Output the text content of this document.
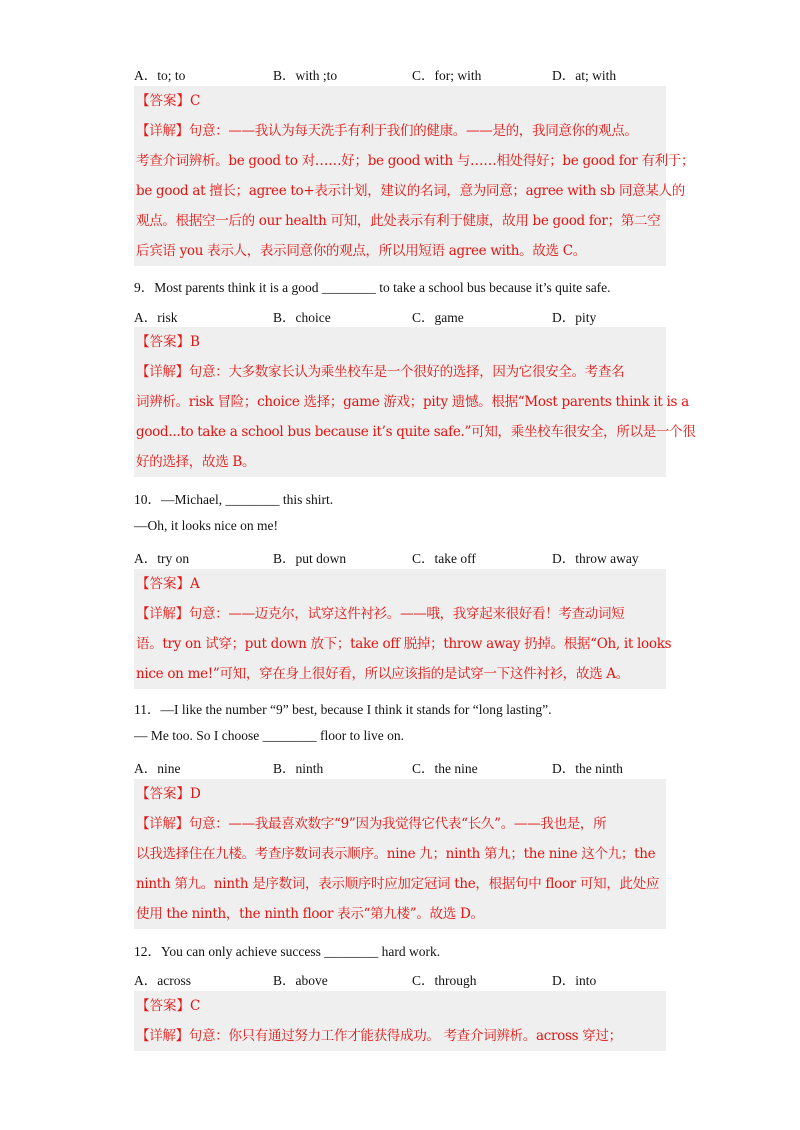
A．to; to	B．with ;to	C．for; with	D．at; with
【答案】C
【详解】句意：——我认为每天洗手有利于我们的健康。——是的，我同意你的观点。
考查介词辨析。be good to 对……好；be good with 与……相处得好；be good for 有利于；
be good at 擅长；agree to+表示计划，建议的名词，意为同意；agree with sb 同意某人的
观点。根据空一后的 our health 可知，此处表示有利于健康，故用 be good for；第二空
后宾语 you 表示人，表示同意你的观点，所以用短语 agree with。故选 C。
9．Most parents think it is a good ________ to take a school bus because it’s quite safe.
A．risk	B．choice	C．game	D．pity
【答案】B
【详解】句意：大多数家长认为乘坐校车是一个很好的选择，因为它很安全。考查名
词辨析。risk 冒险；choice 选择；game 游戏；pity 遗憾。根据“Most parents think it is a
good...to take a school bus because it’s quite safe.”可知，乘坐校车很安全，所以是一个很
好的选择，故选 B。
10．—Michael, ________ this shirt.
—Oh, it looks nice on me!
A．try on	B．put down	C．take off	D．throw away
【答案】A
【详解】句意：——迈克尔，试穿这件衬衫。——哦，我穿起来很好看！考查动词短
语。try on 试穿；put down 放下；take off 脱掉；throw away 扔掉。根据“Oh, it looks
nice on me!”可知，穿在身上很好看，所以应该指的是试穿一下这件衬衫，故选 A。
11．—I like the number “9” best, because I think it stands for “long lasting”.
— Me too. So I choose ________ floor to live on.
A．nine	B．ninth	C．the nine	D．the ninth
【答案】D
【详解】句意：——我最喜欢数字“9”因为我觉得它代表“长久”。——我也是，所
以我选择住在九楼。考查序数词表示顺序。nine 九；ninth 第九；the nine 这个九；the
ninth 第九。ninth 是序数词，表示顺序时应加定冠词 the，根据句中 floor 可知，此处应
使用 the ninth，the ninth floor 表示“第九楼”。故选 D。
12．You can only achieve success ________ hard work.
A．across	B．above	C．through	D．into
【答案】C
【详解】句意：你只有通过努力工作才能获得成功。 考查介词辨析。across 穿过；
